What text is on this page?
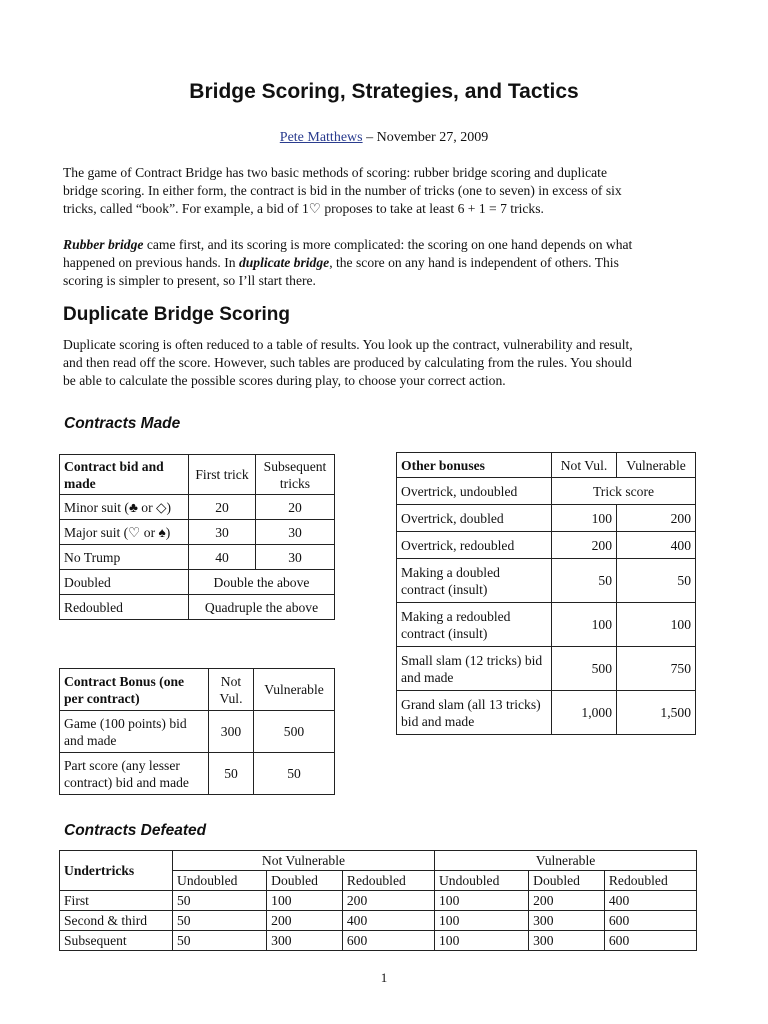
Bridge Scoring, Strategies, and Tactics
Pete Matthews – November 27, 2009
The game of Contract Bridge has two basic methods of scoring: rubber bridge scoring and duplicate
bridge scoring. In either form, the contract is bid in the number of tricks (one to seven) in excess of six
tricks, called “book”. For example, a bid of 1♡ proposes to take at least 6 + 1 = 7 tricks.
Rubber bridge came first, and its scoring is more complicated: the scoring on one hand depends on what
happened on previous hands. In duplicate bridge, the score on any hand is independent of others. This
scoring is simpler to present, so I’ll start there.
Duplicate Bridge Scoring
Duplicate scoring is often reduced to a table of results. You look up the contract, vulnerability and result,
and then read off the score. However, such tables are produced by calculating from the rules. You should
be able to calculate the possible scores during play, to choose your correct action.
Contracts Made
Contract bid and made	First trick	Subsequent tricks
Minor suit (♣ or ◇)	20	20
Major suit (♡ or ♠)	30	30
No Trump	40	30
Doubled	Double the above	
Redoubled	Quadruple the above	
Contract Bonus (one per contract)	Not Vul.	Vulnerable
Game (100 points) bid and made	300	500
Part score (any lesser contract) bid and made	50	50
Other bonuses	Not Vul.	Vulnerable
Overtrick, undoubled	Trick score	
Overtrick, doubled	100	200
Overtrick, redoubled	200	400
Making a doubled contract (insult)	50	50
Making a redoubled contract (insult)	100	100
Small slam (12 tricks) bid and made	500	750
Grand slam (all 13 tricks) bid and made	1,000	1,500
Contracts Defeated
Undertricks	Not Vulnerable			Vulnerable		
	Undoubled	Doubled	Redoubled	Undoubled	Doubled	Redoubled
First	50	100	200	100	200	400
Second & third	50	200	400	100	300	600
Subsequent	50	300	600	100	300	600
1
